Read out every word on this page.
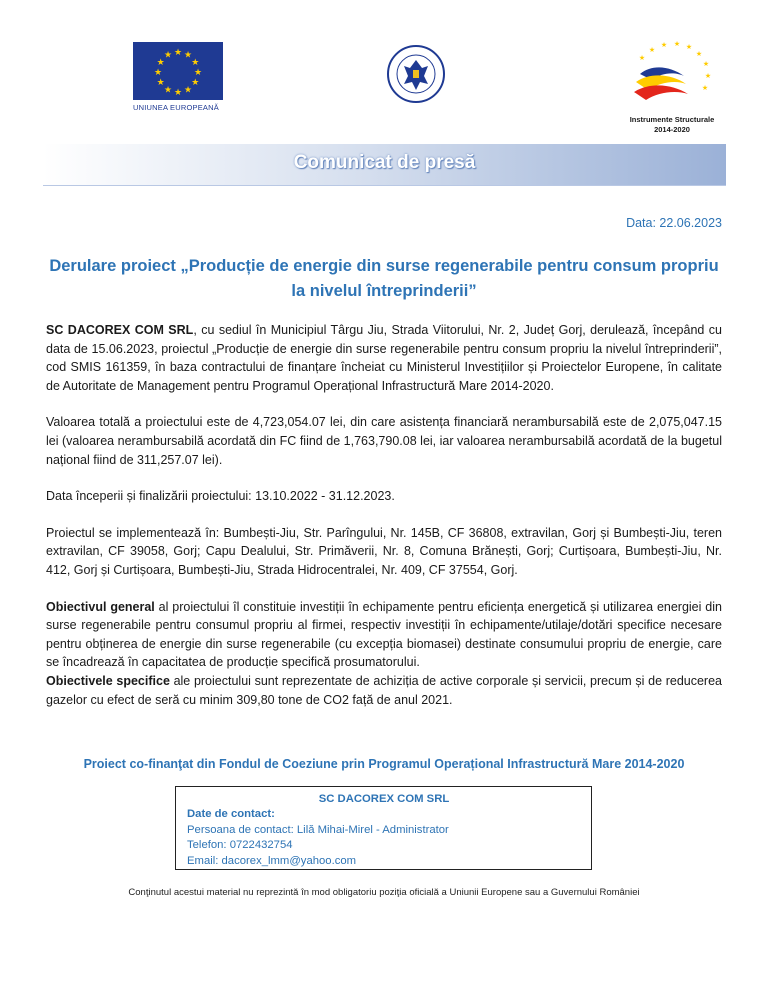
★ ★
★
★
★
★
★
★
★
★
★
★
UNIUNEA EUROPEANĂ
★
★ ★ ★
★
★
★
★
★
Instrumente Structurale
2014-2020
Comunicat de presă
Data: 22.06.2023
Derulare proiect „Producție de energie din surse regenerabile pentru consum propriu la nivelul întreprinderii”

SC DACOREX COM SRL, cu sediul în Municipiul Târgu Jiu, Strada Viitorului, Nr. 2, Județ Gorj, derulează, începând cu data de 15.06.2023, proiectul „Producție de energie din surse regenerabile pentru consum propriu la nivelul întreprinderii”, cod SMIS 161359, în baza contractului de finanțare încheiat cu Ministerul Investițiilor și Proiectelor Europene, în calitate de Autoritate de Management pentru Programul Operațional Infrastructură Mare 2014-2020.

Valoarea totală a proiectului este de 4,723,054.07 lei, din care asistența financiară nerambursabilă este de 2,075,047.15 lei (valoarea nerambursabilă acordată din FC fiind de 1,763,790.08 lei, iar valoarea nerambursabilă acordată de la bugetul național fiind de 311,257.07 lei).

Data începerii și finalizării proiectului: 13.10.2022 - 31.12.2023.

Proiectul se implementează în: Bumbești-Jiu, Str. Parîngului, Nr. 145B, CF 36808, extravilan, Gorj și Bumbești-Jiu, teren extravilan, CF 39058, Gorj; Capu Dealului, Str. Primăverii, Nr. 8, Comuna Brănești, Gorj; Curtișoara, Bumbești-Jiu, Nr. 412, Gorj și Curtișoara, Bumbești-Jiu, Strada Hidrocentralei, Nr. 409, CF 37554, Gorj.

Obiectivul general al proiectului îl constituie investiții în echipamente pentru eficiența energetică și utilizarea energiei din surse regenerabile pentru consumul propriu al firmei, respectiv investiții în echipamente/utilaje/dotări specifice necesare pentru obținerea de energie din surse regenerabile (cu excepția biomasei) destinate consumului propriu de energie, care se încadrează în capacitatea de producție specifică prosumatorului.

Obiectivele specifice ale proiectului sunt reprezentate de achiziția de active corporale și servicii, precum și de reducerea gazelor cu efect de seră cu minim 309,80 tone de CO2 față de anul 2021.

Proiect co-finanţat din Fondul de Coeziune prin Programul Operațional Infrastructură Mare 2014-2020
SC DACOREX COM SRL
Date de contact:
Persoana de contact: Lilă Mihai-Mirel - Administrator
Telefon: 0722432754
Email: dacorex_lmm@yahoo.com
Conţinutul acestui material nu reprezintă în mod obligatoriu poziţia oficială a Uniunii Europene sau a Guvernului României
